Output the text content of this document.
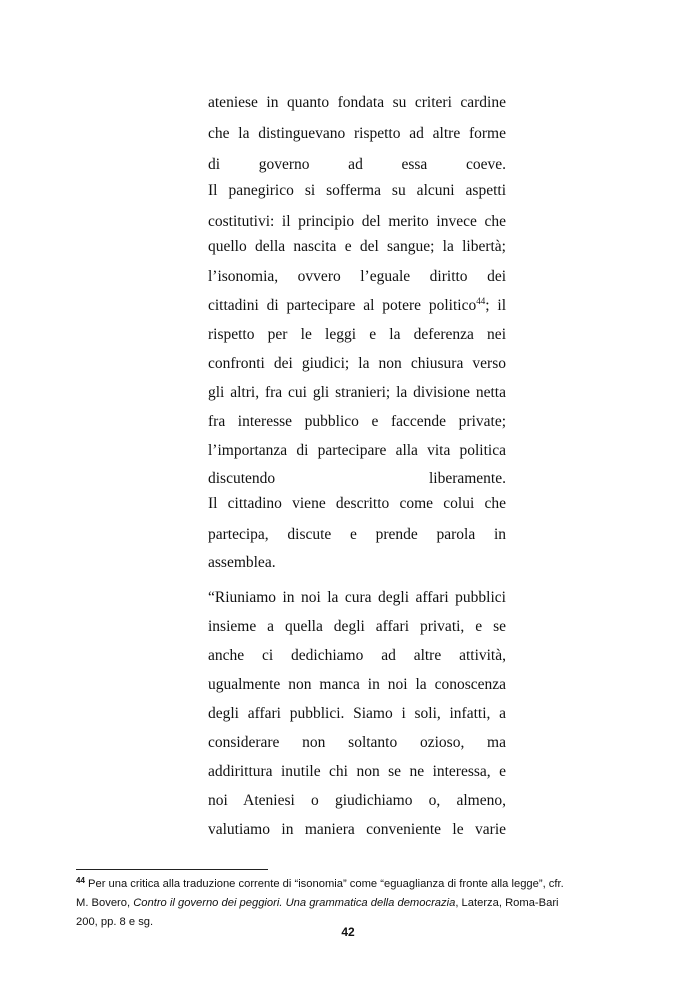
ateniese in quanto fondata su criteri cardine
che la distinguevano rispetto ad altre forme
di governo ad essa coeve.
Il panegirico si sofferma su alcuni aspetti
costitutivi: il principio del merito invece che
quello della nascita e del sangue; la libertà;
l’isonomia, ovvero l’eguale diritto dei
cittadini di partecipare al potere politico$^{44}$; il
rispetto per le leggi e la deferenza nei
confronti dei giudici; la non chiusura verso
gli altri, fra cui gli stranieri; la divisione netta
fra interesse pubblico e faccende private;
l’importanza di partecipare alla vita politica
discutendo liberamente.
Il cittadino viene descritto come colui che
partecipa, discute e prende parola in
assemblea.
“Riuniamo in noi la cura degli affari pubblici
insieme a quella degli affari privati, e se
anche ci dedichiamo ad altre attività,
ugualmente non manca in noi la conoscenza
degli affari pubblici. Siamo i soli, infatti, a
considerare non soltanto ozioso, ma
addirittura inutile chi non se ne interessa, e
noi Ateniesi o giudichiamo o, almeno,
valutiamo in maniera conveniente le varie
$^{44}$ Per una critica alla traduzione corrente di “isonomia” come “eguaglianza di fronte alla legge”, cfr.
M. Bovero, Contro il governo dei peggiori. Una grammatica della democrazia, Laterza, Roma-Bari
200, pp. 8 e sg.
42
